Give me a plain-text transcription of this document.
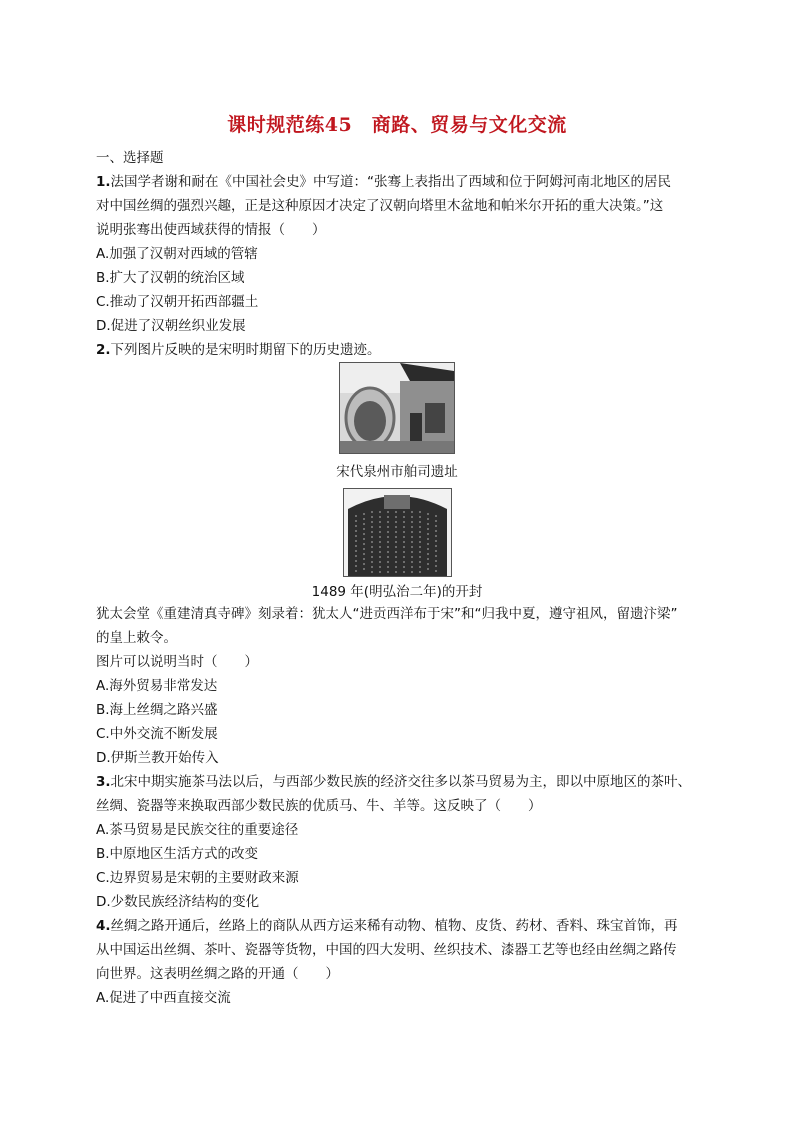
课时规范练45　商路、贸易与文化交流
一、选择题
1.法国学者谢和耐在《中国社会史》中写道：“张骞上表指出了西域和位于阿姆河南北地区的居民
对中国丝绸的强烈兴趣，正是这种原因才决定了汉朝向塔里木盆地和帕米尔开拓的重大决策。”这
说明张骞出使西域获得的情报（　　）
A.加强了汉朝对西域的管辖
B.扩大了汉朝的统治区域
C.推动了汉朝开拓西部疆土
D.促进了汉朝丝织业发展
2.下列图片反映的是宋明时期留下的历史遗迹。
宋代泉州市舶司遗址
1489 年(明弘治二年)的开封
犹太会堂《重建清真寺碑》刻录着：犹太人“进贡西洋布于宋”和“归我中夏，遵守祖风，留遗汴梁”
的皇上敕令。
图片可以说明当时（　　）
A.海外贸易非常发达
B.海上丝绸之路兴盛
C.中外交流不断发展
D.伊斯兰教开始传入
3.北宋中期实施茶马法以后，与西部少数民族的经济交往多以茶马贸易为主，即以中原地区的茶叶、
丝绸、瓷器等来换取西部少数民族的优质马、牛、羊等。这反映了（　　）
A.茶马贸易是民族交往的重要途径
B.中原地区生活方式的改变
C.边界贸易是宋朝的主要财政来源
D.少数民族经济结构的变化
4.丝绸之路开通后，丝路上的商队从西方运来稀有动物、植物、皮货、药材、香料、珠宝首饰，再
从中国运出丝绸、茶叶、瓷器等货物，中国的四大发明、丝织技术、漆器工艺等也经由丝绸之路传
向世界。这表明丝绸之路的开通（　　）
A.促进了中西直接交流
